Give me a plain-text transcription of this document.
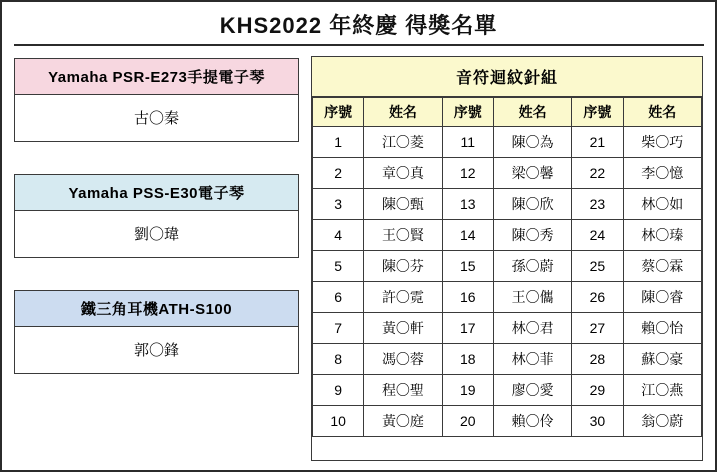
KHS2022 年終慶 得獎名單
Yamaha PSR-E273手提電子琴
古〇秦
Yamaha PSS-E30電子琴
劉〇瑋
鐵三角耳機ATH-S100
郭〇鋒
音符迴紋針組
序號	姓名	序號	姓名	序號	姓名
1	江〇菱	11	陳〇為	21	柴〇巧
2	章〇真	12	梁〇馨	22	李〇憶
3	陳〇甄	13	陳〇欣	23	林〇如
4	王〇賢	14	陳〇秀	24	林〇瑧
5	陳〇芬	15	孫〇蔚	25	蔡〇霖
6	許〇霓	16	王〇儶	26	陳〇睿
7	黃〇軒	17	林〇君	27	賴〇怡
8	馮〇蓉	18	林〇菲	28	蘇〇豪
9	程〇聖	19	廖〇愛	29	江〇燕
10	黃〇庭	20	賴〇伶	30	翁〇蔚
